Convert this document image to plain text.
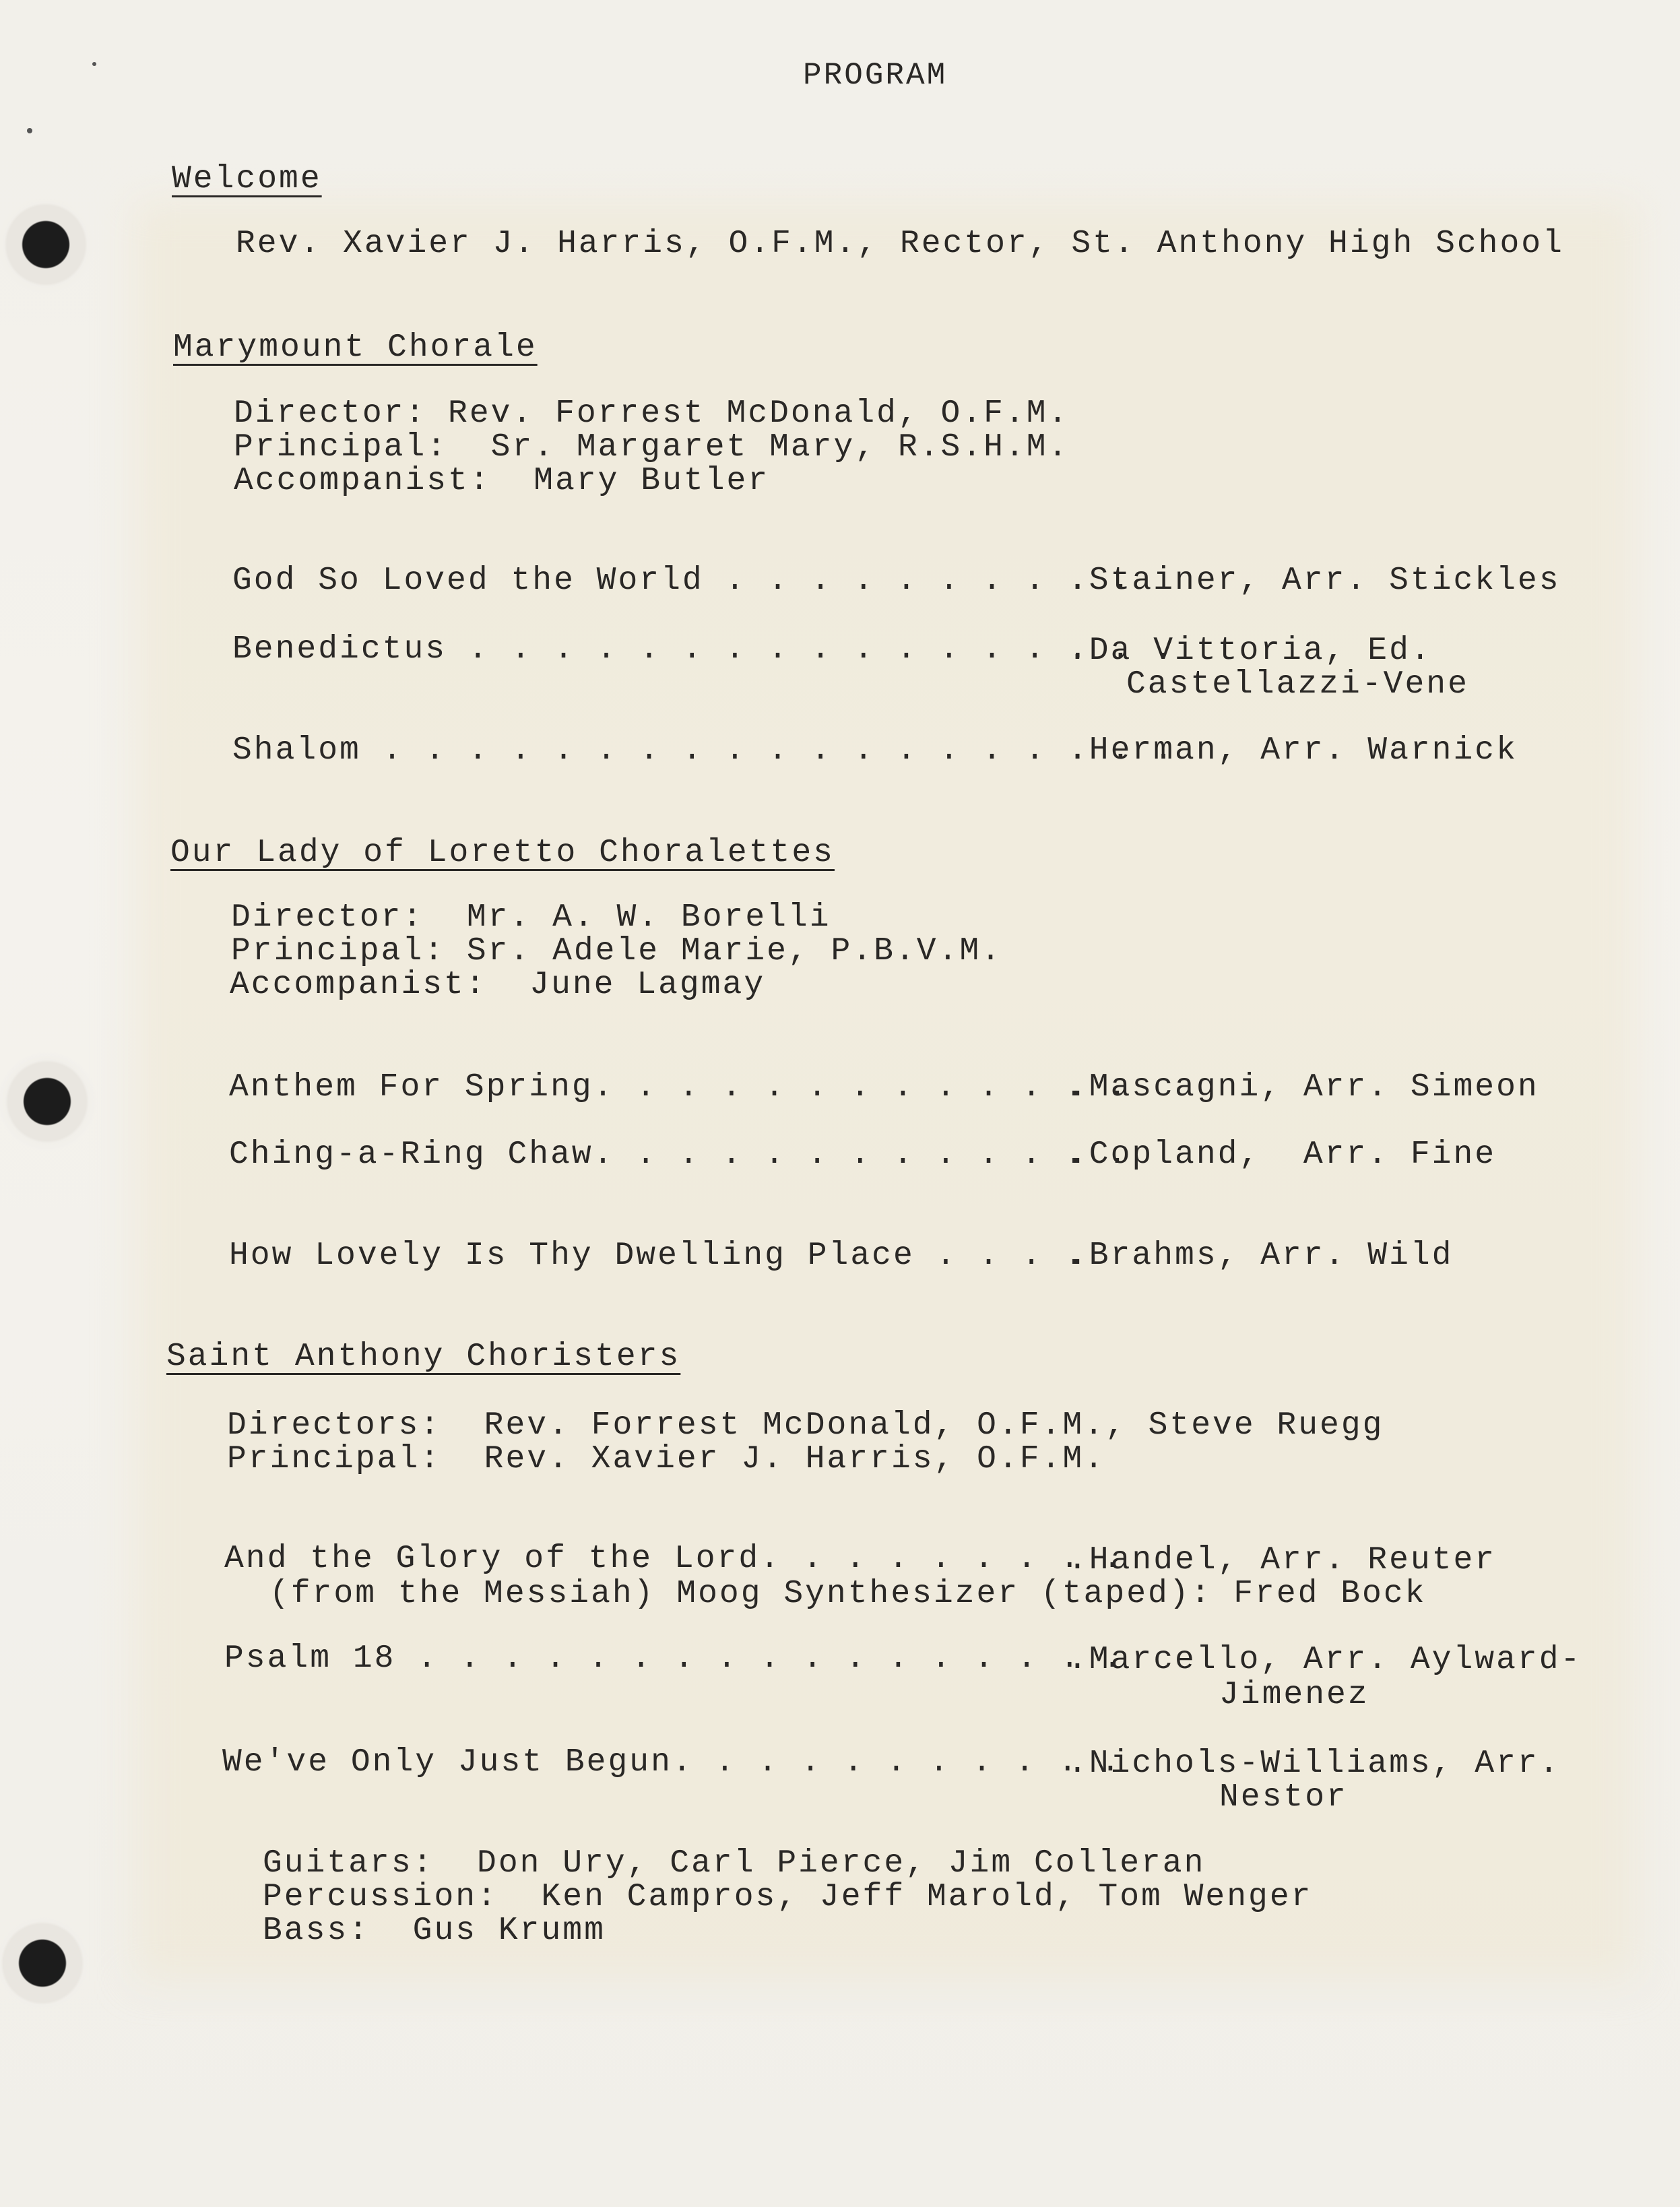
PROGRAM
Welcome
Rev. Xavier J. Harris, O.F.M., Rector, St. Anthony High School
Marymount Chorale
Director: Rev. Forrest McDonald, O.F.M.
Principal:  Sr. Margaret Mary, R.S.H.M.
Accompanist:  Mary Butler
God So Loved the World . . . . . . . . . .
.Stainer, Arr. Stickles
Benedictus . . . . . . . . . . . . . . . . .
.Da Vittoria, Ed.
Castellazzi-Vene
Shalom . . . . . . . . . . . . . . . . . . .
.Herman, Arr. Warnick
Our Lady of Loretto Choralettes
Director:  Mr. A. W. Borelli
Principal: Sr. Adele Marie, P.B.V.M.
Accompanist:  June Lagmay
Anthem For Spring. . . . . . . . . . . . .
.Mascagni, Arr. Simeon
Ching-a-Ring Chaw. . . . . . . . . . . . .
.Copland,  Arr. Fine
How Lovely Is Thy Dwelling Place . . . .
.Brahms, Arr. Wild
Saint Anthony Choristers
Directors:  Rev. Forrest McDonald, O.F.M., Steve Ruegg
Principal:  Rev. Xavier J. Harris, O.F.M.
And the Glory of the Lord. . . . . . . . .
.Handel, Arr. Reuter
(from the Messiah) Moog Synthesizer (taped): Fred Bock
Psalm 18 . . . . . . . . . . . . . . . . .
.Marcello, Arr. Aylward-
Jimenez
We've Only Just Begun. . . . . . . . . . .
.Nichols-Williams, Arr.
Nestor
Guitars:  Don Ury, Carl Pierce, Jim Colleran
Percussion:  Ken Campros, Jeff Marold, Tom Wenger
Bass:  Gus Krumm
